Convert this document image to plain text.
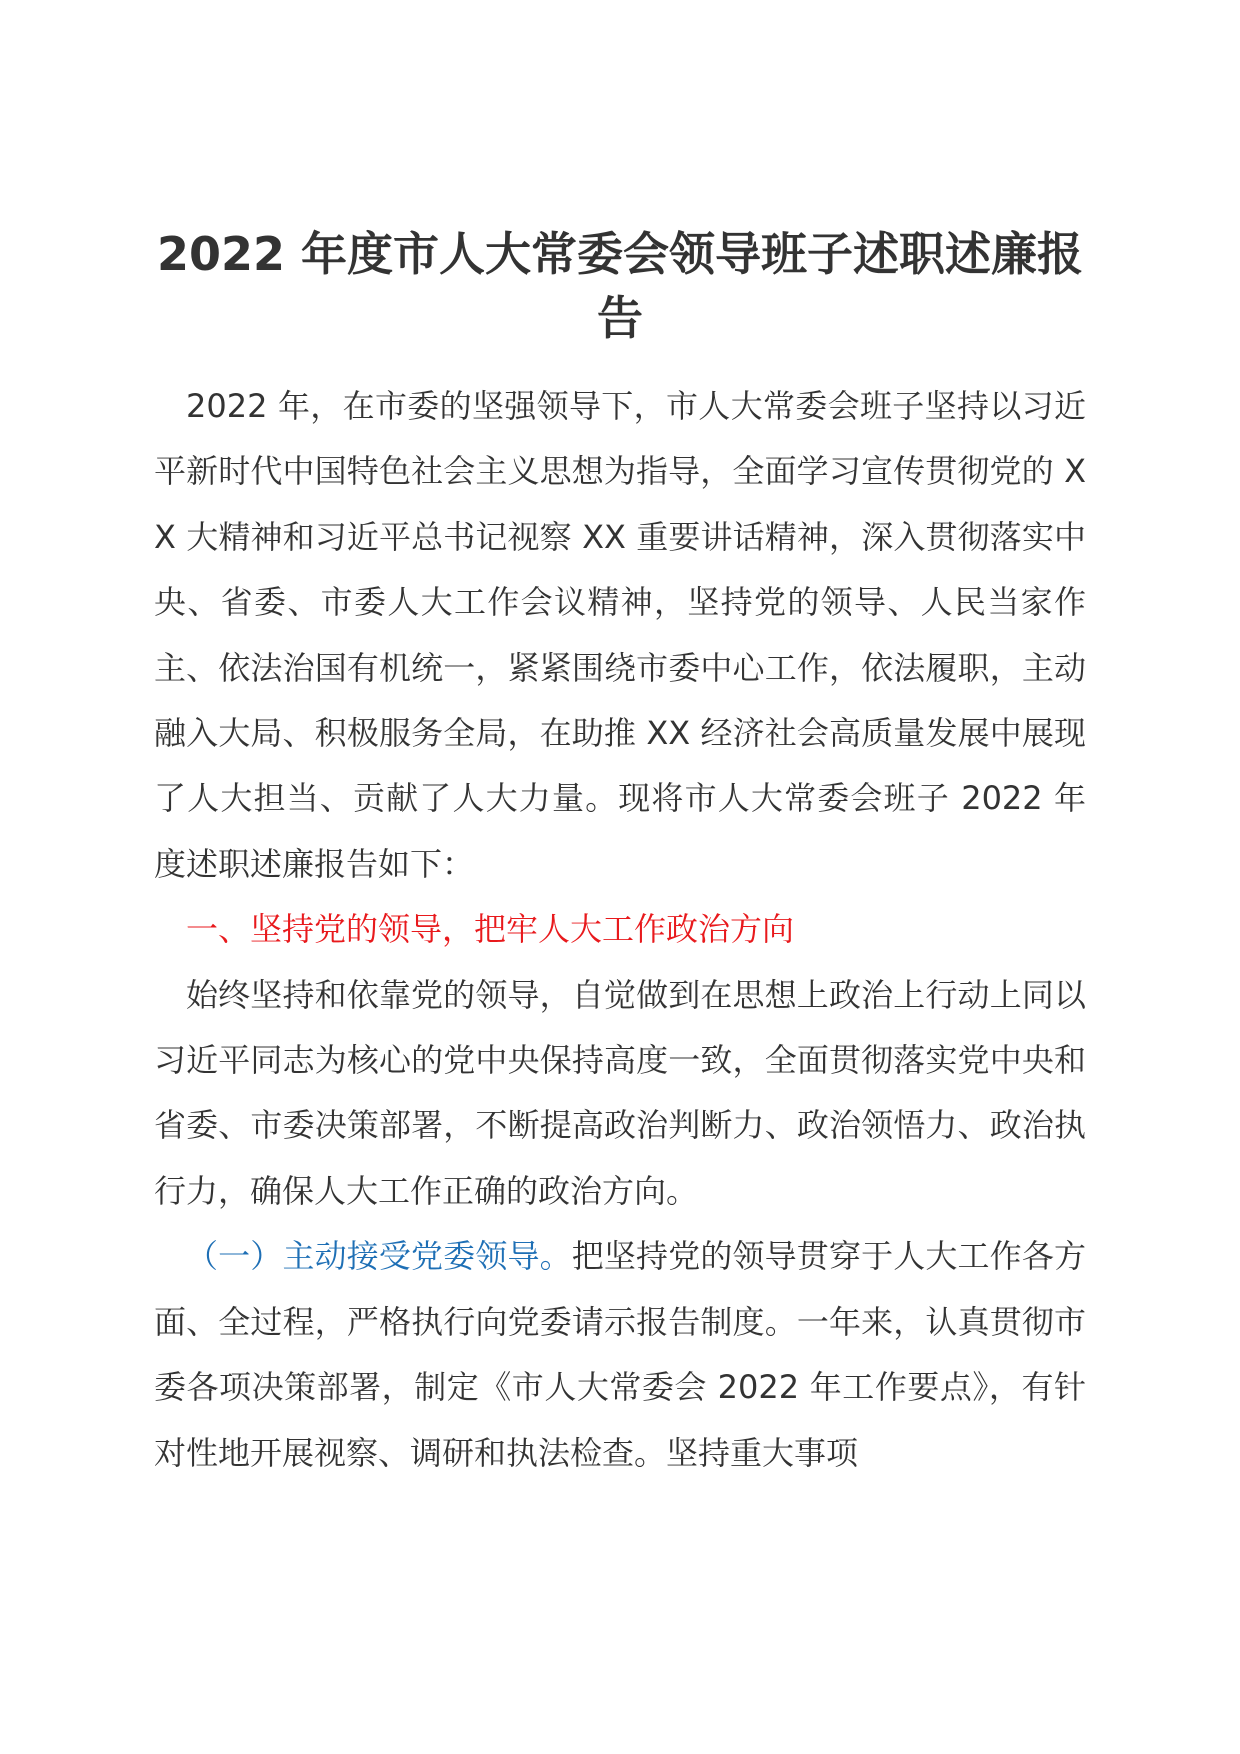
2022 年度市人大常委会领导班子述职述廉报告

2022 年，在市委的坚强领导下，市人大常委会班子坚持以习近平新时代中国特色社会主义思想为指导，全面学习宣传贯彻党的 XX 大精神和习近平总书记视察 XX 重要讲话精神，深入贯彻落实中央、省委、市委人大工作会议精神，坚持党的领导、人民当家作主、依法治国有机统一，紧紧围绕市委中心工作，依法履职，主动融入大局、积极服务全局，在助推 XX 经济社会高质量发展中展现了人大担当、贡献了人大力量。现将市人大常委会班子 2022 年度述职述廉报告如下：

一、坚持党的领导，把牢人大工作政治方向

始终坚持和依靠党的领导，自觉做到在思想上政治上行动上同以习近平同志为核心的党中央保持高度一致，全面贯彻落实党中央和省委、市委决策部署，不断提高政治判断力、政治领悟力、政治执行力，确保人大工作正确的政治方向。

（一）主动接受党委领导。把坚持党的领导贯穿于人大工作各方面、全过程，严格执行向党委请示报告制度。一年来，认真贯彻市委各项决策部署，制定《市人大常委会 2022 年工作要点》，有针对性地开展视察、调研和执法检查。坚持重大事项
